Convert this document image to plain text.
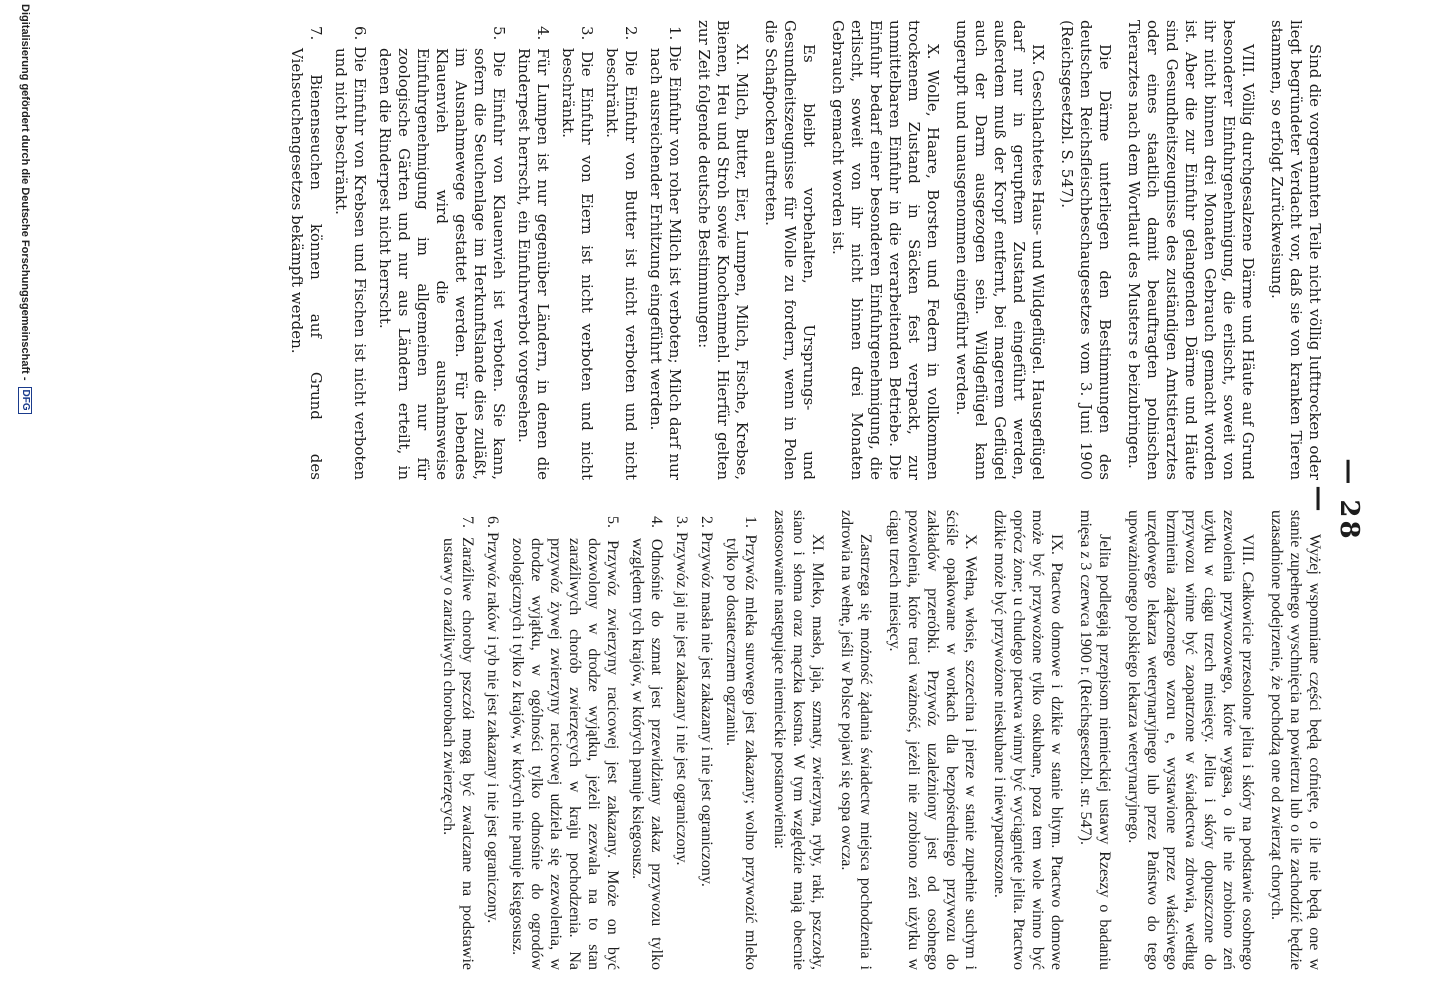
— 28 —

Sind die vorgenannten Teile nicht völlig lufttrocken oder liegt begründeter Verdacht vor, daß sie von kranken Tieren stammen, so erfolgt Zurückweisung.

VIII. Völlig durchgesalzene Därme und Häute auf Grund besonderer Einfuhrgenehmigung, die erlischt, soweit von ihr nicht binnen drei Monaten Gebrauch gemacht worden ist. Aber die zur Einfuhr gelangenden Därme und Häute sind Gesundheitszeugnisse des zuständigen Amtstierarztes oder eines staatlich damit beauftragten polnischen Tierarztes nach dem Wortlaut des Musters e beizubringen.

Die Därme unterliegen den Bestimmungen des deutschen Reichsfleischbeschaugesetzes vom 3. Juni 1900 (Reichsgesetzbl. S. 547).

IX. Geschlachtetes Haus- und Wildgeflügel. Hausgeflügel darf nur in gerupftem Zustand eingeführt werden, außerdem muß der Kropf entfernt, bei magerem Geflügel auch der Darm ausgezogen sein. Wildgeflügel kann ungerupft und unausgenommen eingeführt werden.

X. Wolle, Haare, Borsten und Federn in vollkommen trockenem Zustand in Säcken fest verpackt, zur unmittelbaren Einfuhr in die verarbeitenden Betriebe. Die Einfuhr bedarf einer besonderen Einfuhrgenehmigung, die erlischt, soweit von ihr nicht binnen drei Monaten Gebrauch gemacht worden ist.

Es bleibt vorbehalten, Ursprungs- und Gesundheitszeugnisse für Wolle zu fordern, wenn in Polen die Schafpocken auftreten.

XI. Milch, Butter, Eier, Lumpen, Milch, Fische, Krebse, Bienen, Heu und Stroh sowie Knochenmehl. Hierfür gelten zur Zeit folgende deutsche Bestimmungen:

1. Die Einfuhr von roher Milch ist verboten; Milch darf nur nach ausreichender Erhitzung eingeführt werden.

2. Die Einfuhr von Butter ist nicht verboten und nicht beschränkt.

3. Die Einfuhr von Eiern ist nicht verboten und nicht beschränkt.

4. Für Lumpen ist nur gegenüber Ländern, in denen die Rinderpest herrscht, ein Einfuhrverbot vorgesehen.

5. Die Einfuhr von Klauenvieh ist verboten. Sie kann, sofern die Seuchenlage im Herkunftslande dies zuläßt, im Ausnahmewege gestattet werden. Für lebendes Klauenvieh wird die ausnahmsweise Einfuhrgenehmigung im allgemeinen nur für zoologische Gärten und nur aus Ländern erteilt, in denen die Rinderpest nicht herrscht.

6. Die Einfuhr von Krebsen und Fischen ist nicht verboten und nicht beschränkt.

7. Bienenseuchen können auf Grund des Viehseuchengesetzes bekämpft werden.

Wyżej wspomniane części będą cofnięte, o ile nie będą one w stanie zupełnego wyschnięcia na powietrzu lub o ile zachodzić będzie uzasadnione podejrzenie, że pochodzą one od zwierząt chorych.

VIII. Całkowicie przesolone jelita i skóry na podstawie osobnego zezwolenia przywozowego, które wygasa, o ile nie zrobiono zeń użytku w ciągu trzech miesięcy. Jelita i skóry dopuszczone do przywozu winne być zaopatrzone w świadectwa zdrowia, według brzmienia załączonego wzoru e, wystawione przez właściwego urzędowego lekarza weterynaryjnego lub przez Państwo do tego upoważnionego polskiego lekarza weterynaryjnego.

Jelita podlegają przepisom niemieckiej ustawy Rzeszy o badaniu mięsa z 3 czerwca 1900 r. (Reichsgesetzbl. str. 547).

IX. Ptactwo domowe i dzikie w stanie bitym. Ptactwo domowe może być przywożone tylko oskubane, poza tem wole winno być oprócz żone; u chudego ptactwa winny być wyciągnięte jelita. Ptactwo dzikie może być przywożone nieskubane i niewypatroszone.

X. Wełna, włosie, szczecina i pierze w stanie zupełnie suchym i ściśle opakowane w workach dla bezpośredniego przywozu do zakładów przeróbki. Przywóz uzależniony jest od osobnego pozwolenia, które traci ważność, jeżeli nie zrobiono zeń użytku w ciągu trzech miesięcy.

Zastrzega się możność żądania świadectw miejsca pochodzenia i zdrowia na wełnę, jeśli w Polsce pojawi się ospa owcza.

XI. Mleko, masło, jaja, szmaty, zwierzyna, ryby, raki, pszczoły, siano i słoma oraz mączka kostna. W tym względzie mają obecnie zastosowanie następujące niemieckie postanowienia:

1. Przywóz mleka surowego jest zakazany; wolno przywozić mleko tylko po dostatecznem ogrzaniu.

2. Przywóz masła nie jest zakazany i nie jest ograniczony.

3. Przywóz jaj nie jest zakazany i nie jest ograniczony.

4. Odnośnie do szmat jest przewidziany zakaz przywozu tylko względem tych krajów, w których panuje księgosusz.

5. Przywóz zwierzyny racicowej jest zakazany. Może on być dozwolony w drodze wyjątku, jeżeli zezwala na to stan zaraźliwych chorób zwierzęcych w kraju pochodzenia. Na przywóz żywej zwierzyny racicowej udziela się zezwolenia, w drodze wyjątku, w ogólności tylko odnośnie do ogrodów zoologicznych i tylko z krajów, w których nie panuje księgosusz.

6. Przywóz raków i ryb nie jest zakazany i nie jest ograniczony.

7. Zaraźliwe choroby pszczół mogą być zwalczane na podstawie ustawy o zaraźliwych chorobach zwierzęcych.

Digitalisierung gefördert durch die Deutsche Forschungsgemeinschaft -
DFG
